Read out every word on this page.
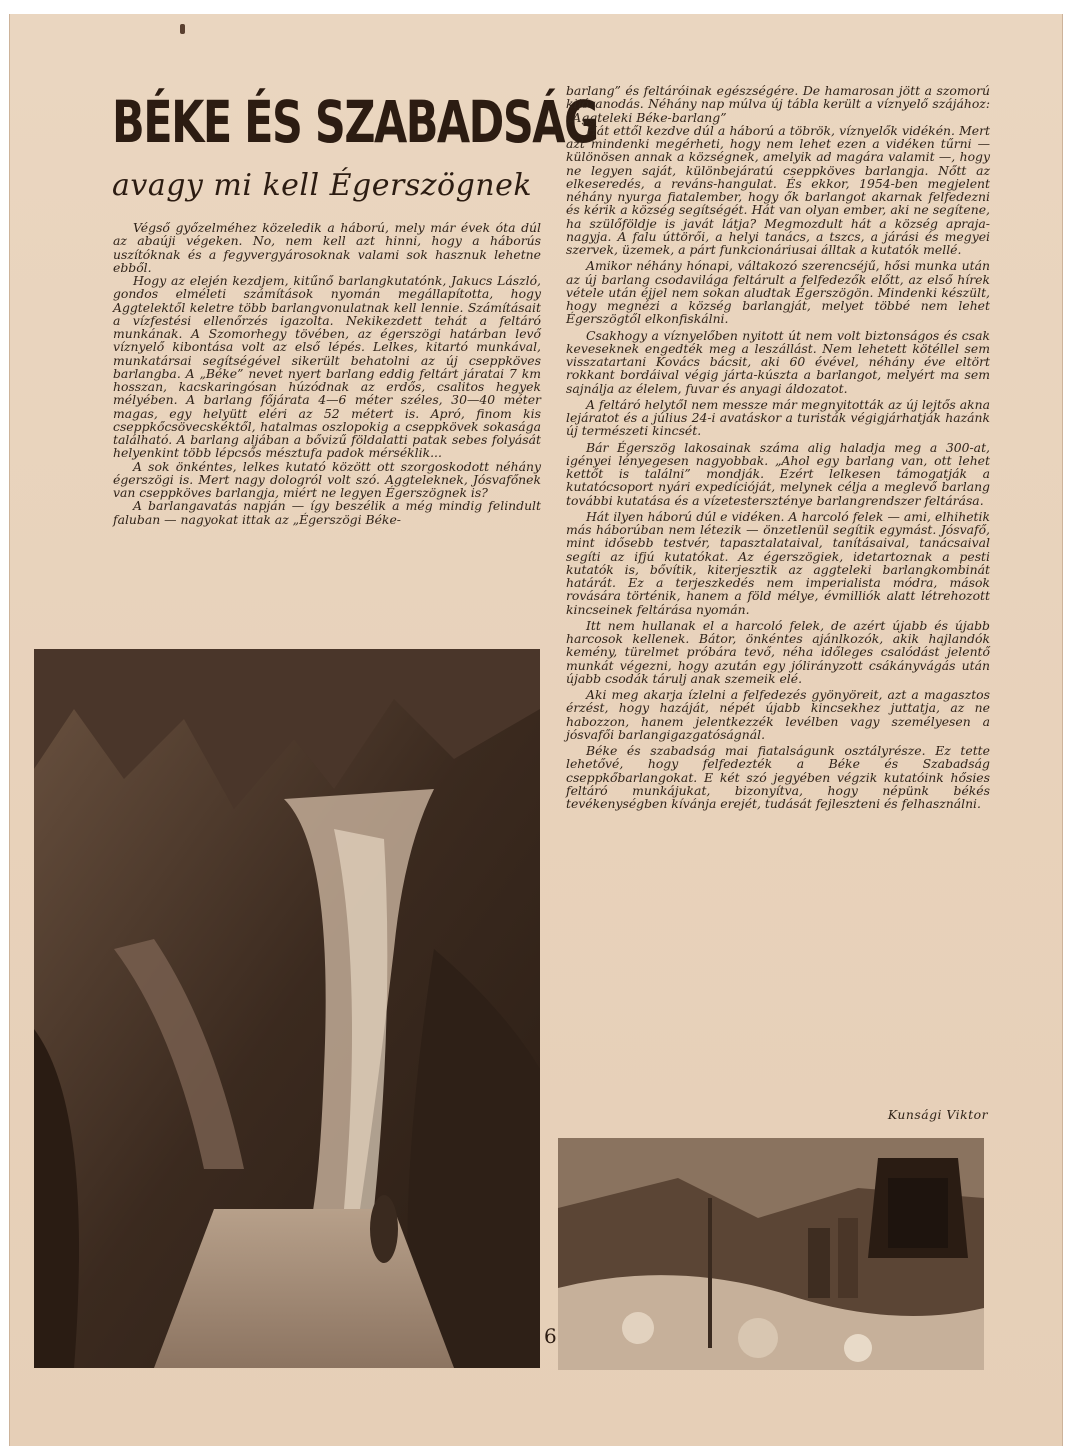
BÉKE ÉS SZABADSÁG
avagy mi kell Égerszögnek

Végső győzelméhez közeledik a háború, mely már évek óta dúl az abaúji végeken. No, nem kell azt hinni, hogy a háborús uszítóknak és a fegyvergyárosoknak valami sok hasznuk lehetne ebből.

Hogy az elején kezdjem, kitűnő barlangkutatónk, Jakucs László, gondos elméleti számítások nyomán megállapította, hogy Aggtelektől keletre több barlangvonulatnak kell lennie. Számításait a vízfestési ellenőrzés igazolta. Nekikezdett tehát a feltáró munkának. A Szomorhegy tövében, az égerszögi határban levő víznyelő kibontása volt az első lépés. Lelkes, kitartó munkával, munkatársai segítségével sikerült behatolni az új cseppköves barlangba. A „Béke” nevet nyert barlang eddig feltárt járatai 7 km hosszan, kacskaringósan húzódnak az erdős, csalitos hegyek mélyében. A barlang főjárata 4—6 méter széles, 30—40 méter magas, egy helyütt eléri az 52 métert is. Apró, finom kis cseppkőcsövecskéktől, hatalmas oszlopokig a cseppkövek sokasága található. A barlang aljában a bővizű földalatti patak sebes folyását helyenkint több lépcsős mésztufa padok mérséklik...

A sok önkéntes, lelkes kutató között ott szorgoskodott néhány égerszögi is. Mert nagy dologról volt szó. Aggteleknek, Jósvafőnek van cseppköves barlangja, miért ne legyen Égerszögnek is?

A barlangavatás napján — így beszélik a még mindig felindult faluban — nagyokat ittak az „Égerszögi Béke-

barlang” és feltáróinak egészségére. De hamarosan jött a szomorú kijózanodás. Néhány nap múlva új tábla került a víznyelő szájához: „Aggteleki Béke-barlang”

Hát ettől kezdve dúl a háború a töbrök, víznyelők vidékén. Mert azt mindenki megérheti, hogy nem lehet ezen a vidéken tűrni — különösen annak a községnek, amelyik ad magára valamit —, hogy ne legyen saját, különbejáratú cseppköves barlangja. Nőtt az elkeseredés, a reváns-hangulat. És ekkor, 1954-ben megjelent néhány nyurga fiatalember, hogy ők barlangot akarnak felfedezni és kérik a község segítségét. Hát van olyan ember, aki ne segítene, ha szülőföldje is javát látja? Megmozdult hát a község apraja-nagyja. A falu úttörői, a helyi tanács, a tszcs, a járási és megyei szervek, üzemek, a párt funkcionáriusai álltak a kutatók mellé.

Amikor néhány hónapi, váltakozó szerencséjű, hősi munka után az új barlang csodavilága feltárult a felfedezők előtt, az első hírek vétele után éjjel nem sokan aludtak Égerszögön. Mindenki készült, hogy megnézi a község barlangját, melyet többé nem lehet Égerszögtől elkonfiskálni.

Csakhogy a víznyelőben nyitott út nem volt biztonságos és csak keveseknek engedték meg a leszállást. Nem lehetett kötéllel sem visszatartani Kovács bácsit, aki 60 évével, néhány éve eltört rokkant bordáival végig járta-kúszta a barlangot, melyért ma sem sajnálja az élelem, fuvar és anyagi áldozatot.

A feltáró helytől nem messze már megnyitották az új lejtős akna lejáratot és a július 24-i avatáskor a turisták végigjárhatják hazánk új természeti kincsét.

Bár Égerszög lakosainak száma alig haladja meg a 300-at, igényei lényegesen nagyobbak. „Ahol egy barlang van, ott lehet kettőt is találni” mondják. Ezért lelkesen támogatják a kutatócsoport nyári expedícióját, melynek célja a meglevő barlang további kutatása és a vízetesterszténye barlangrendszer feltárása.

Hát ilyen háború dúl e vidéken. A harcoló felek — ami, elhihetik más háborúban nem létezik — önzetlenül segítik egymást. Jósvafő, mint idősebb testvér, tapasztalataival, tanításaival, tanácsaival segíti az ifjú kutatókat. Az égerszögiek, idetartoznak a pesti kutatók is, bővítik, kiterjesztik az aggteleki barlangkombinát határát. Ez a terjeszkedés nem imperialista módra, mások rovására történik, hanem a föld mélye, évmilliók alatt létrehozott kincseinek feltárása nyomán.

Itt nem hullanak el a harcoló felek, de azért újabb és újabb harcosok kellenek. Bátor, önkéntes ajánlkozók, akik hajlandók kemény, türelmet próbára tevő, néha időleges csalódást jelentő munkát végezni, hogy azután egy jólirányzott csákányvágás után újabb csodák tárulj anak szemeik elé.

Aki meg akarja ízlelni a felfedezés gyönyöreit, azt a magasztos érzést, hogy hazáját, népét újabb kincsekhez juttatja, az ne habozzon, hanem jelentkezzék levélben vagy személyesen a jósvafői barlangigazgatóságnál.

Béke és szabadság mai fiatalságunk osztályrésze. Ez tette lehetővé, hogy felfedezték a Béke és Szabadság cseppkőbarlangokat. E két szó jegyében végzik kutatóink hősies feltáró munkájukat, bizonyítva, hogy népünk békés tevékenységben kívánja erejét, tudását fejleszteni és felhasználni.

Kunsági Viktor
6
